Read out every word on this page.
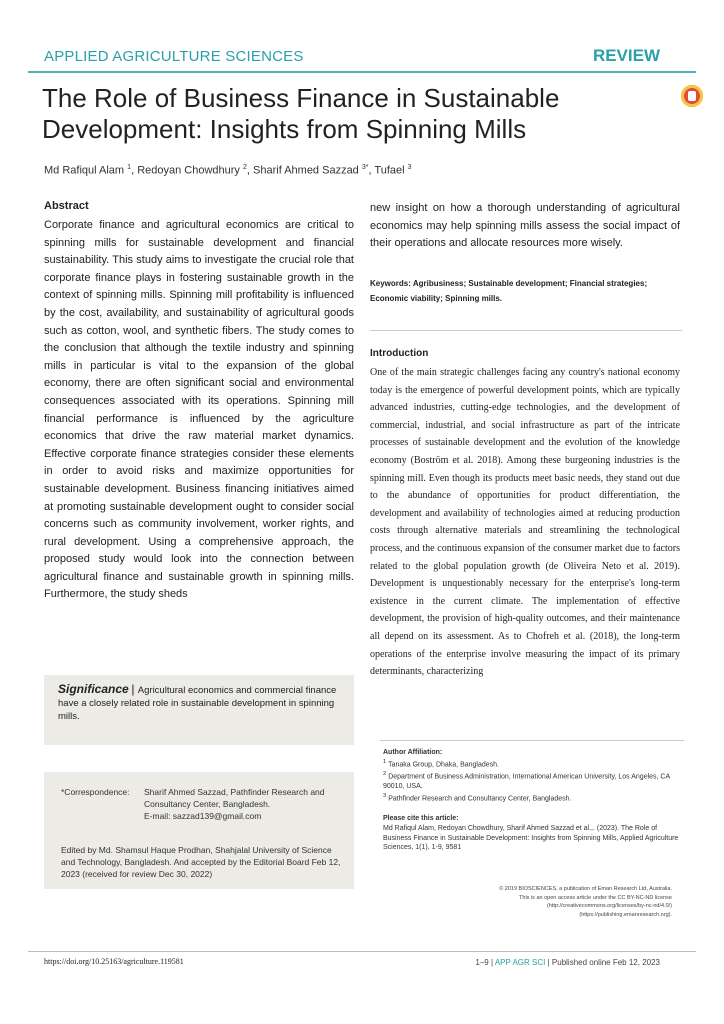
APPLIED AGRICULTURE SCIENCES	REVIEW
The Role of Business Finance in Sustainable Development: Insights from Spinning Mills
Md Rafiqul Alam $^1$, Redoyan Chowdhury $^2$, Sharif Ahmed Sazzad $^{3*}$, Tufael $^3$
Abstract
Corporate finance and agricultural economics are critical to spinning mills for sustainable development and financial sustainability. This study aims to investigate the crucial role that corporate finance plays in fostering sustainable growth in the context of spinning mills. Spinning mill profitability is influenced by the cost, availability, and sustainability of agricultural goods such as cotton, wool, and synthetic fibers. The study comes to the conclusion that although the textile industry and spinning mills in particular is vital to the expansion of the global economy, there are often significant social and environmental consequences associated with its operations. Spinning mill financial performance is influenced by the agriculture economics that drive the raw material market dynamics. Effective corporate finance strategies consider these elements in order to avoid risks and maximize opportunities for sustainable development. Business financing initiatives aimed at promoting sustainable development ought to consider social concerns such as community involvement, worker rights, and rural development. Using a comprehensive approach, the proposed study would look into the connection between agricultural finance and sustainable growth in spinning mills. Furthermore, the study sheds
new insight on how a thorough understanding of agricultural economics may help spinning mills assess the social impact of their operations and allocate resources more wisely.
Keywords: Agribusiness; Sustainable development; Financial strategies; Economic viability; Spinning mills.
Introduction
One of the main strategic challenges facing any country's national economy today is the emergence of powerful development points, which are typically advanced industries, cutting-edge technologies, and the development of commercial, industrial, and social infrastructure as part of the intricate processes of sustainable development and the evolution of the knowledge economy (Boström et al. 2018). Among these burgeoning industries is the spinning mill. Even though its products meet basic needs, they stand out due to the abundance of opportunities for product differentiation, the development and availability of technologies aimed at reducing production costs through alternative materials and streamlining the technological process, and the continuous expansion of the consumer market due to factors related to the global population growth (de Oliveira Neto et al. 2019). Development is unquestionably necessary for the enterprise's long-term existence in the current climate. The implementation of effective development, the provision of high-quality outcomes, and their maintenance all depend on its assessment. As to Chofreh et al. (2018), the long-term operations of the enterprise involve measuring the impact of its primary determinants, characterizing
Significance | Agricultural economics and commercial finance have a closely related role in sustainable development in spinning mills.
*Correspondence: Sharif Ahmed Sazzad, Pathfinder Research and Consultancy Center, Bangladesh.
E-mail: sazzad139@gmail.com
Edited by Md. Shamsul Haque Prodhan, Shahjalal University of Science and Technology, Bangladesh. And accepted by the Editorial Board Feb 12, 2023 (received for review Dec 30, 2022)
Author Affiliation:
$^1$ Tanaka Group, Dhaka, Bangladesh.
$^2$ Department of Business Administration, International American University, Los Angeles, CA 90010, USA.
$^3$ Pathfinder Research and Consultancy Center, Bangladesh.
Please cite this article:
Md Rafiqul Alam, Redoyan Chowdhury, Sharif Ahmed Sazzad et al.,. (2023). The Role of Business Finance in Sustainable Development: Insights from Spinning Mills, Applied Agriculture Sciences, 1(1), 1-9, 9581
© 2019 BIOSCIENCES, a publication of Eman Research Ltd, Australia.
This is an open access article under the CC BY-NC-ND license
(http://creativecommons.org/licenses/by-nc-nd/4.0/)
(https://publishing.emanresearch.org).
https://doi.org/10.25163/agriculture.119581	1–9 | APP AGR SCI | Published online Feb 12, 2023
